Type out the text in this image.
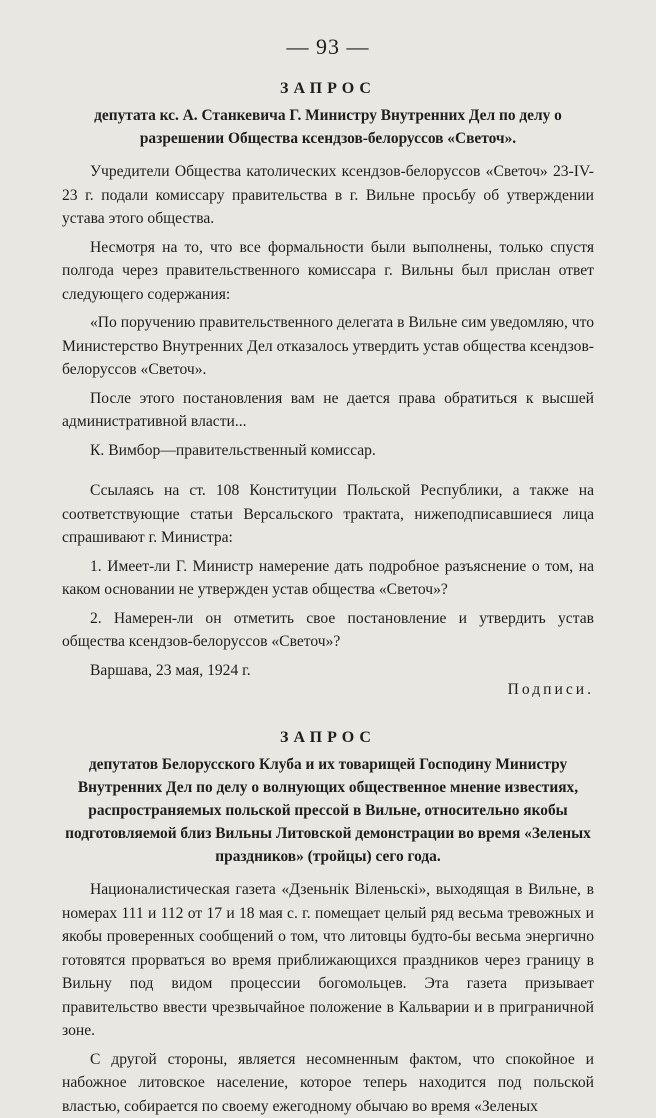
— 93 —
ЗАПРОС
депутата кс. А. Станкевича Г. Министру Внутренних Дел по делу о разрешении Общества ксендзов-белоруссов «Светоч».

Учредители Общества католических ксендзов-белоруссов «Светоч» 23-IV-23 г. подали комиссару правительства в г. Вильне просьбу об утверждении устава этого общества.

Несмотря на то, что все формальности были выполнены, только спустя полгода через правительственного комиссара г. Вильны был прислан ответ следующего содержания:

«По поручению правительственного делегата в Вильне сим уведомляю, что Министерство Внутренних Дел отказалось утвердить устав общества ксендзов-белоруссов «Светоч».

После этого постановления вам не дается права обратиться к высшей административной власти...

К. Вимбор—правительственный комиссар.

Ссылаясь на ст. 108 Конституции Польской Республики, а также на соответствующие статьи Версальского трактата, нижеподписавшиеся лица спрашивают г. Министра:

1. Имеет-ли Г. Министр намерение дать подробное разъяснение о том, на каком основании не утвержден устав общества «Светоч»?

2. Намерен-ли он отметить свое постановление и утвердить устав общества ксендзов-белоруссов «Светоч»?

Варшава, 23 мая, 1924 г.

Подписи.
ЗАПРОС
депутатов Белорусского Клуба и их товарищей Господину Министру Внутренних Дел по делу о волнующих общественное мнение известиях, распространяемых польской прессой в Вильне, относительно якобы подготовляемой близ Вильны Литовской демонстрации во время «Зеленых праздников» (тройцы) сего года.

Националистическая газета «Дзеньнік Віленьскі», выходящая в Вильне, в номерах 111 и 112 от 17 и 18 мая с. г. помещает целый ряд весьма тревожных и якобы проверенных сообщений о том, что литовцы будто-бы весьма энергично готовятся прорваться во время приближающихся праздников через границу в Вильну под видом процессии богомольцев. Эта газета призывает правительство ввести чрезвычайное положение в Кальварии и в приграничной зоне.

С другой стороны, является несомненным фактом, что спокойное и набожное литовское население, которое теперь находится под польской властью, собирается по своему ежегодному обычаю во время «Зеленых
